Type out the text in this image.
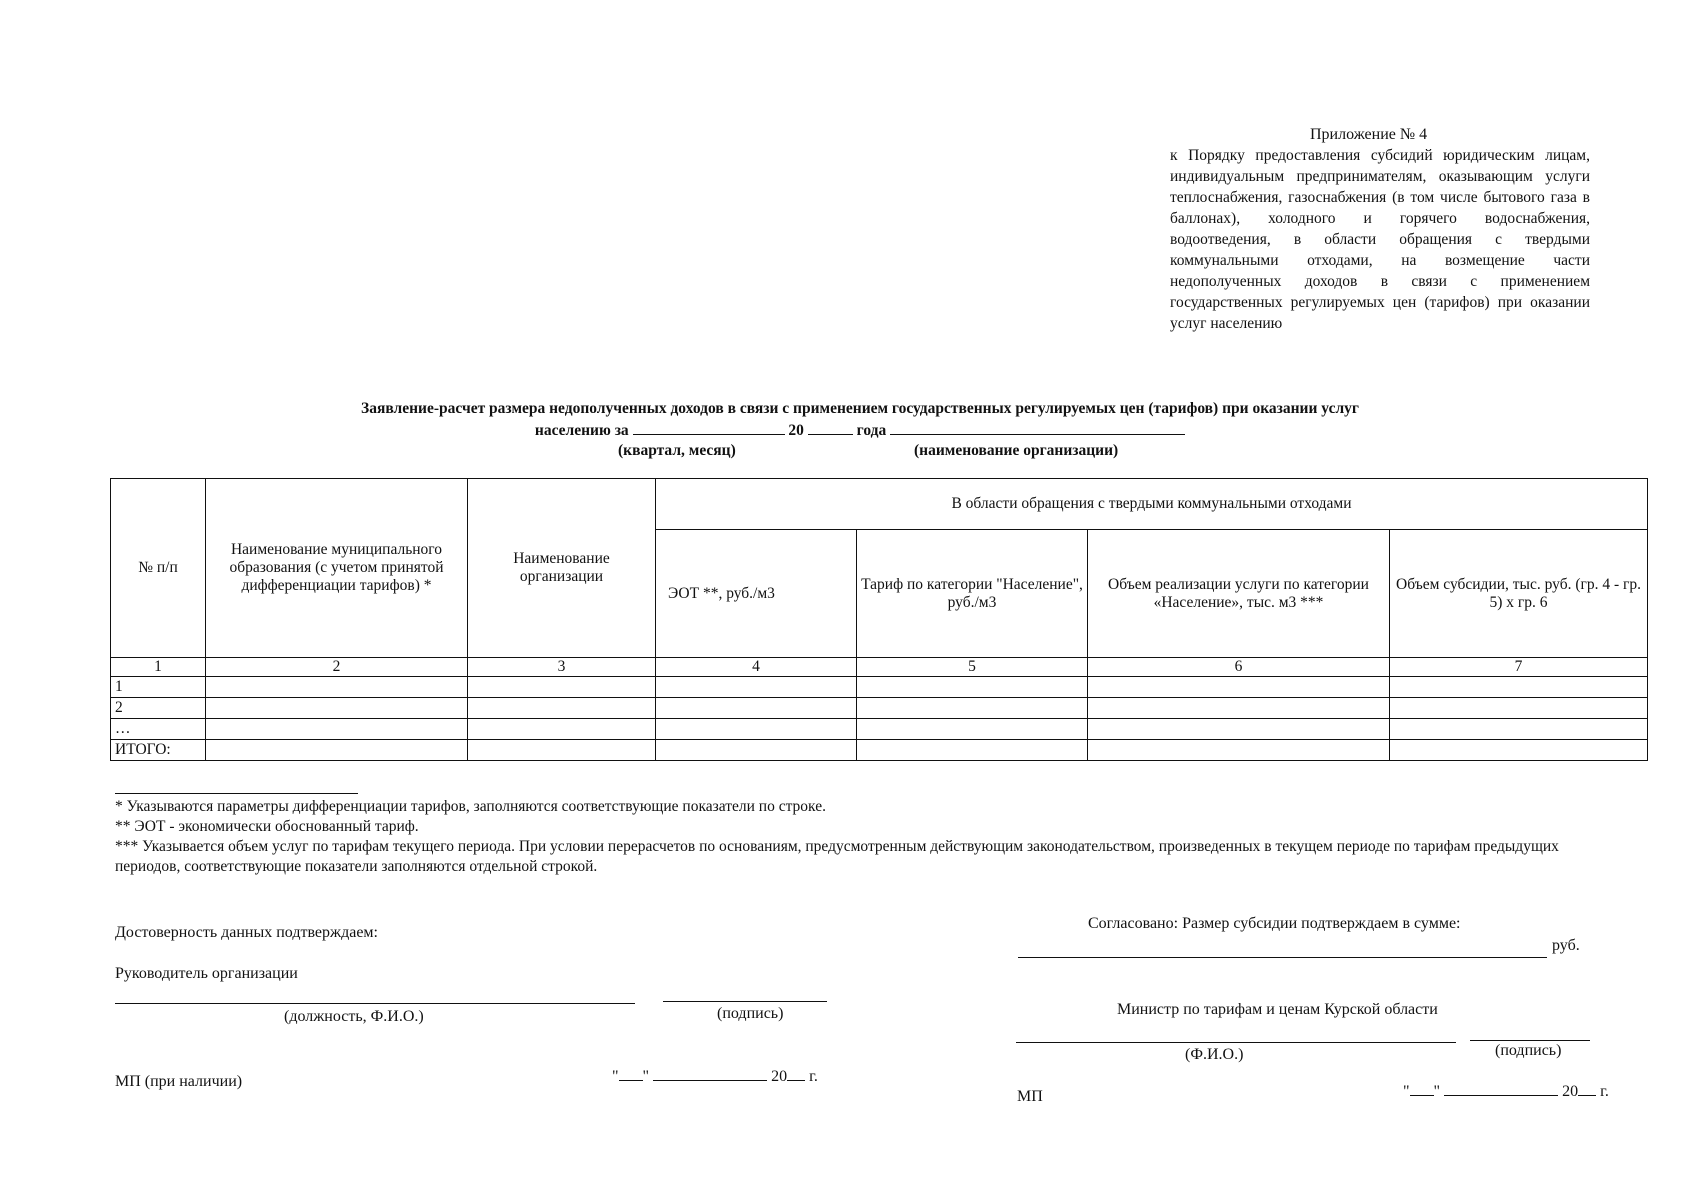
Приложение № 4
к Порядку предоставления субсидий юридическим лицам, индивидуальным предпринимателям, оказывающим услуги теплоснабжения, газоснабжения (в том числе бытового газа в баллонах), холодного и горячего водоснабжения, водоотведения, в области обращения с твердыми коммунальными отходами, на возмещение части недополученных доходов в связи с применением государственных регулируемых цен (тарифов) при оказании услуг населению
Заявление-расчет размера недополученных доходов в связи с применением государственных регулируемых цен (тарифов) при оказании услуг
населению за	20	года
(квартал, месяц)	(наименование организации)
№ п/п	Наименование муниципального образования (с учетом принятой дифференциации тарифов) *	Наименование организации	В области обращения с твердыми коммунальными отходами			
			ЭОТ **, руб./м3	Тариф по категории "Население", руб./м3	Объем реализации услуги по категории «Население», тыс. м3 ***	Объем субсидии, тыс. руб. (гр. 4 - гр. 5) х гр. 6
1	2	3	4	5	6	7
1						
2						
…						
ИТОГО:						
* Указываются параметры дифференциации тарифов, заполняются соответствующие показатели по строке.
** ЭОТ - экономически обоснованный тариф.
*** Указывается объем услуг по тарифам текущего периода. При условии перерасчетов по основаниям, предусмотренным действующим законодательством, произведенных в текущем периоде по тарифам предыдущих периодов, соответствующие показатели заполняются отдельной строкой.
Достоверность данных подтверждаем:
Руководитель организации
(должность, Ф.И.О.)	(подпись)
МП (при наличии)	" "	20 г.
Согласовано: Размер субсидии подтверждаем в сумме:
руб.
Министр по тарифам и ценам Курской области
(Ф.И.О.)	(подпись)
МП	" "	20 г.
